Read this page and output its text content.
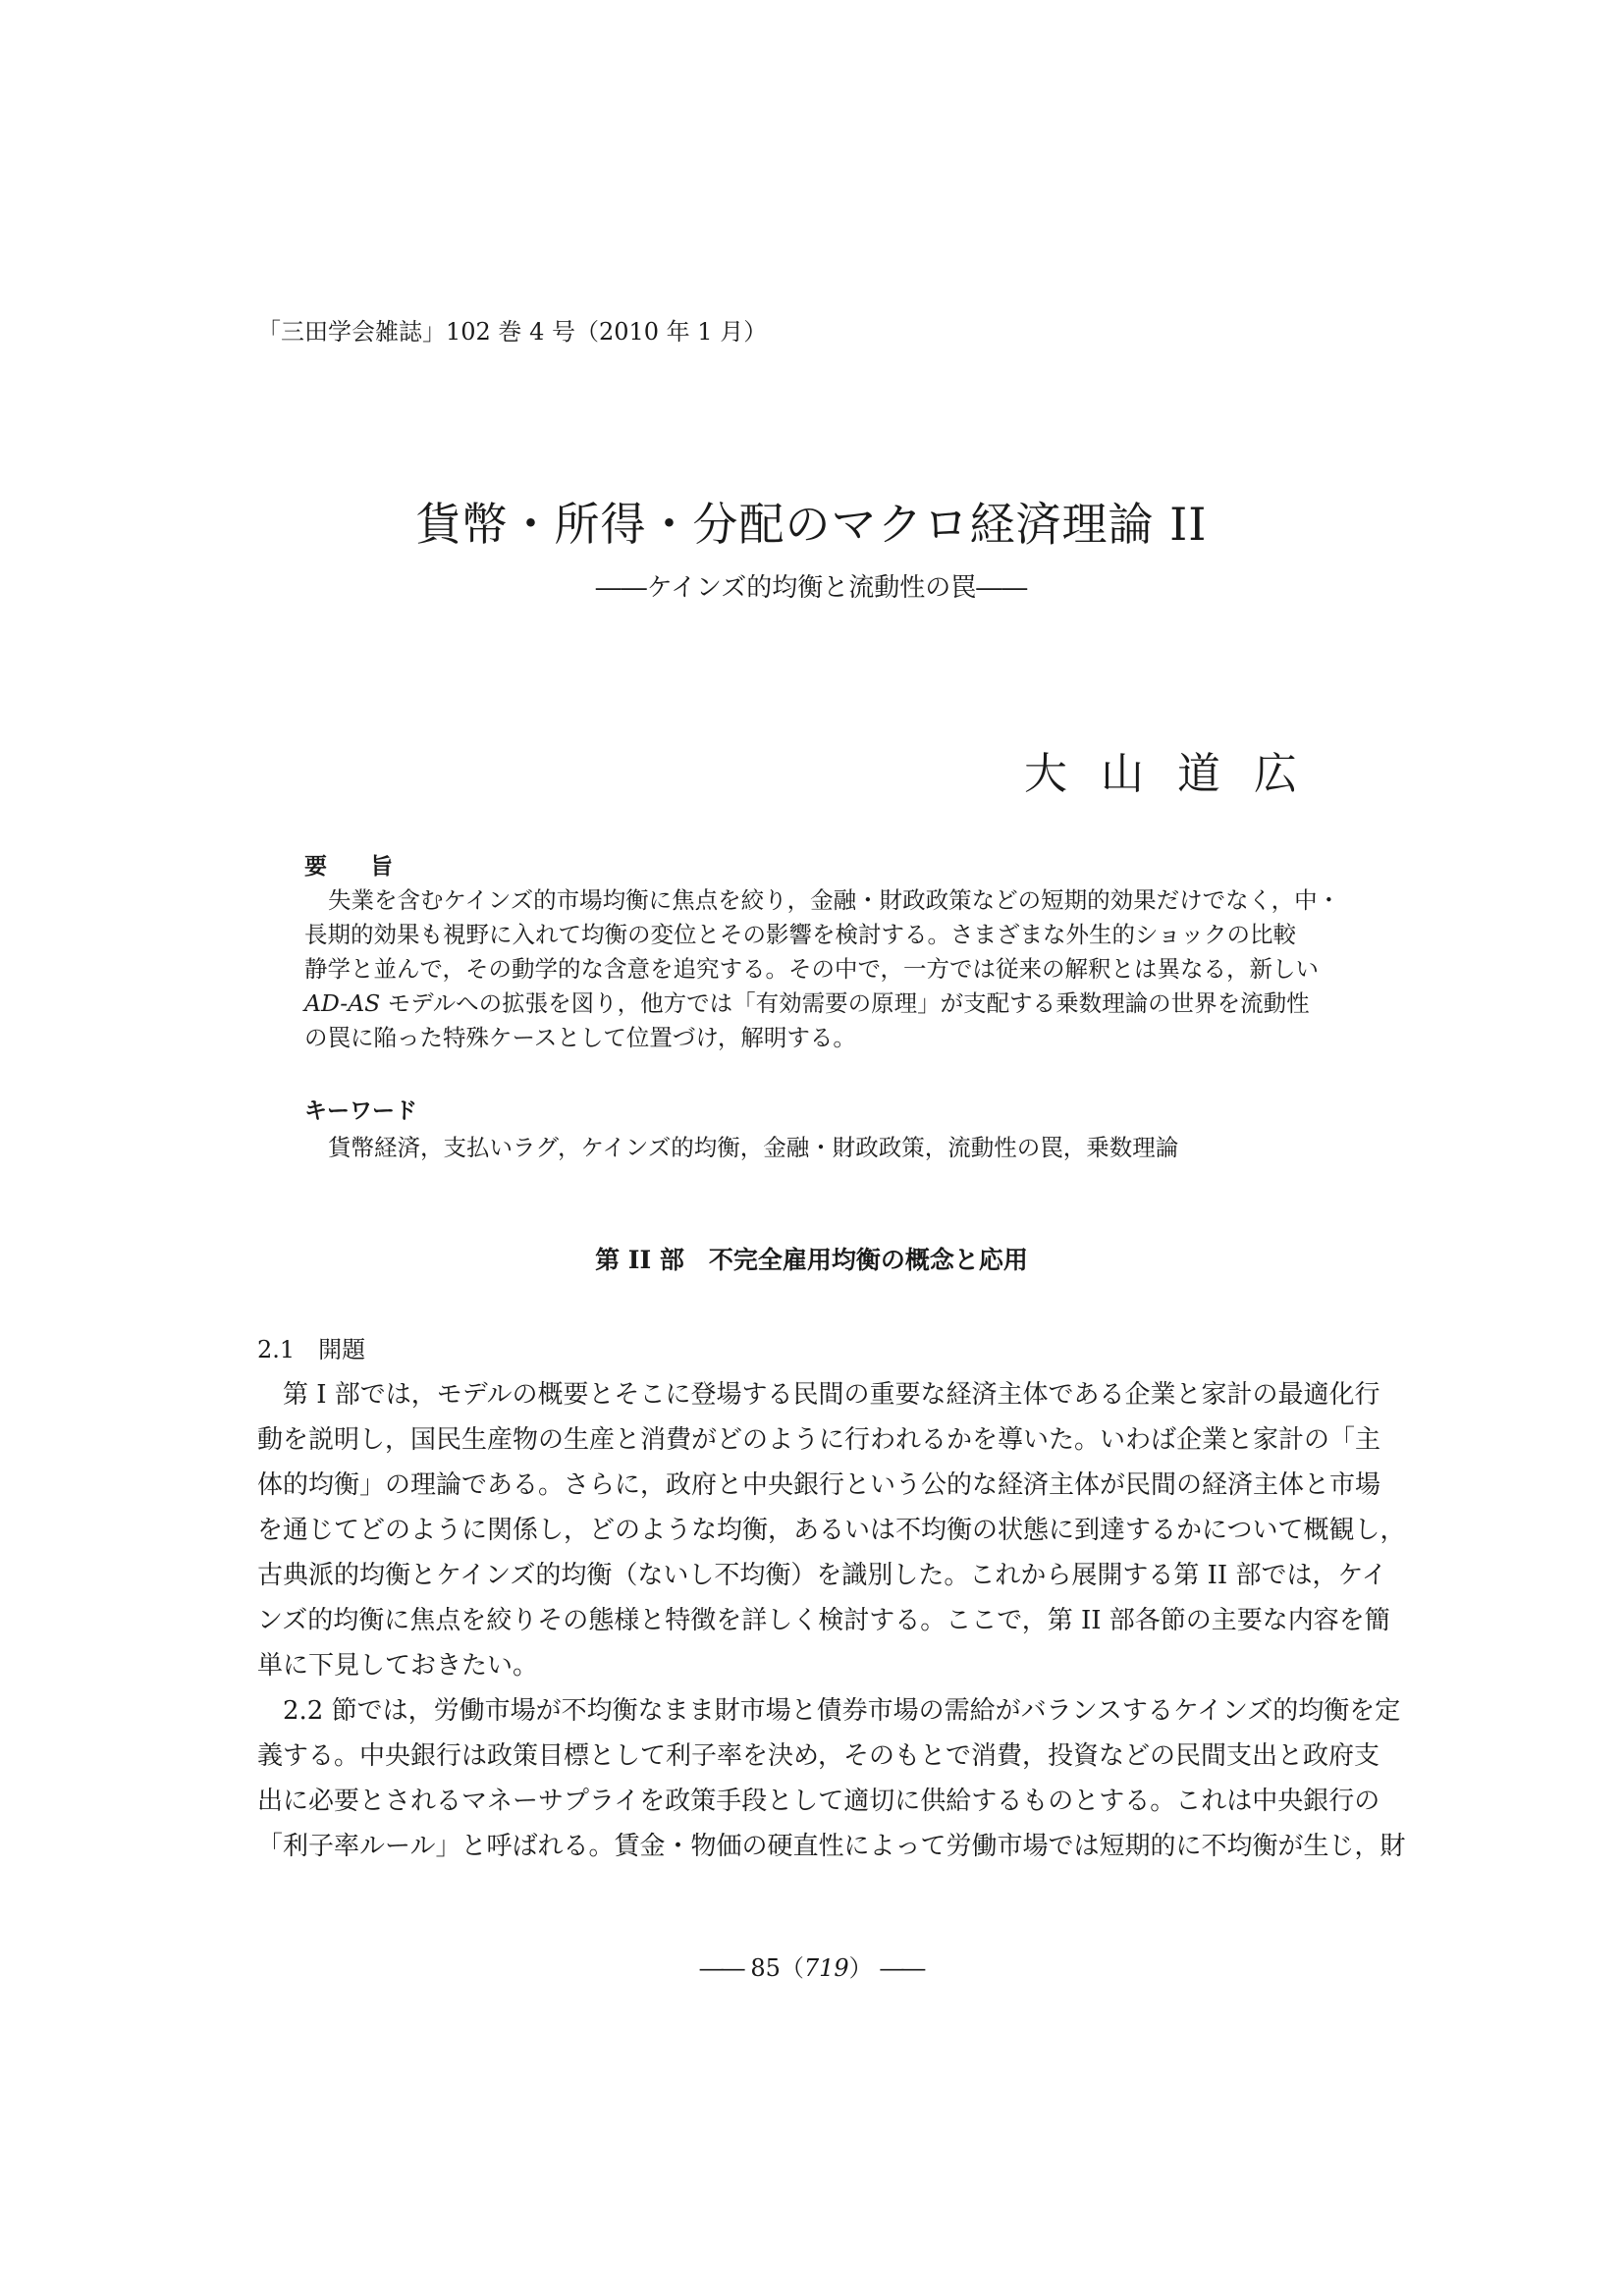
「三田学会雑誌」102 巻 4 号（2010 年 1 月）
貨幣・所得・分配のマクロ経済理論 II
――ケインズ的均衡と流動性の罠――
大山道広
要旨

失業を含むケインズ的市場均衡に焦点を絞り，金融・財政政策などの短期的効果だけでなく，中・

長期的効果も視野に入れて均衡の変位とその影響を検討する。さまざまな外生的ショックの比較

静学と並んで，その動学的な含意を追究する。その中で，一方では従来の解釈とは異なる，新しい

AD-AS モデルへの拡張を図り，他方では「有効需要の原理」が支配する乗数理論の世界を流動性

の罠に陥った特殊ケースとして位置づけ，解明する。

キーワード
貨幣経済，支払いラグ，ケインズ的均衡，金融・財政政策，流動性の罠，乗数理論
第 II 部　不完全雇用均衡の概念と応用
2.1 開題

第 I 部では，モデルの概要とそこに登場する民間の重要な経済主体である企業と家計の最適化行

動を説明し，国民生産物の生産と消費がどのように行われるかを導いた。いわば企業と家計の「主

体的均衡」の理論である。さらに，政府と中央銀行という公的な経済主体が民間の経済主体と市場

を通じてどのように関係し，どのような均衡，あるいは不均衡の状態に到達するかについて概観し，

古典派的均衡とケインズ的均衡（ないし不均衡）を識別した。これから展開する第 II 部では，ケイ

ンズ的均衡に焦点を絞りその態様と特徴を詳しく検討する。ここで，第 II 部各節の主要な内容を簡

単に下見しておきたい。

2.2 節では，労働市場が不均衡なまま財市場と債券市場の需給がバランスするケインズ的均衡を定

義する。中央銀行は政策目標として利子率を決め，そのもとで消費，投資などの民間支出と政府支

出に必要とされるマネーサプライを政策手段として適切に供給するものとする。これは中央銀行の

「利子率ルール」と呼ばれる。賃金・物価の硬直性によって労働市場では短期的に不均衡が生じ，財

―― 85（719） ――
